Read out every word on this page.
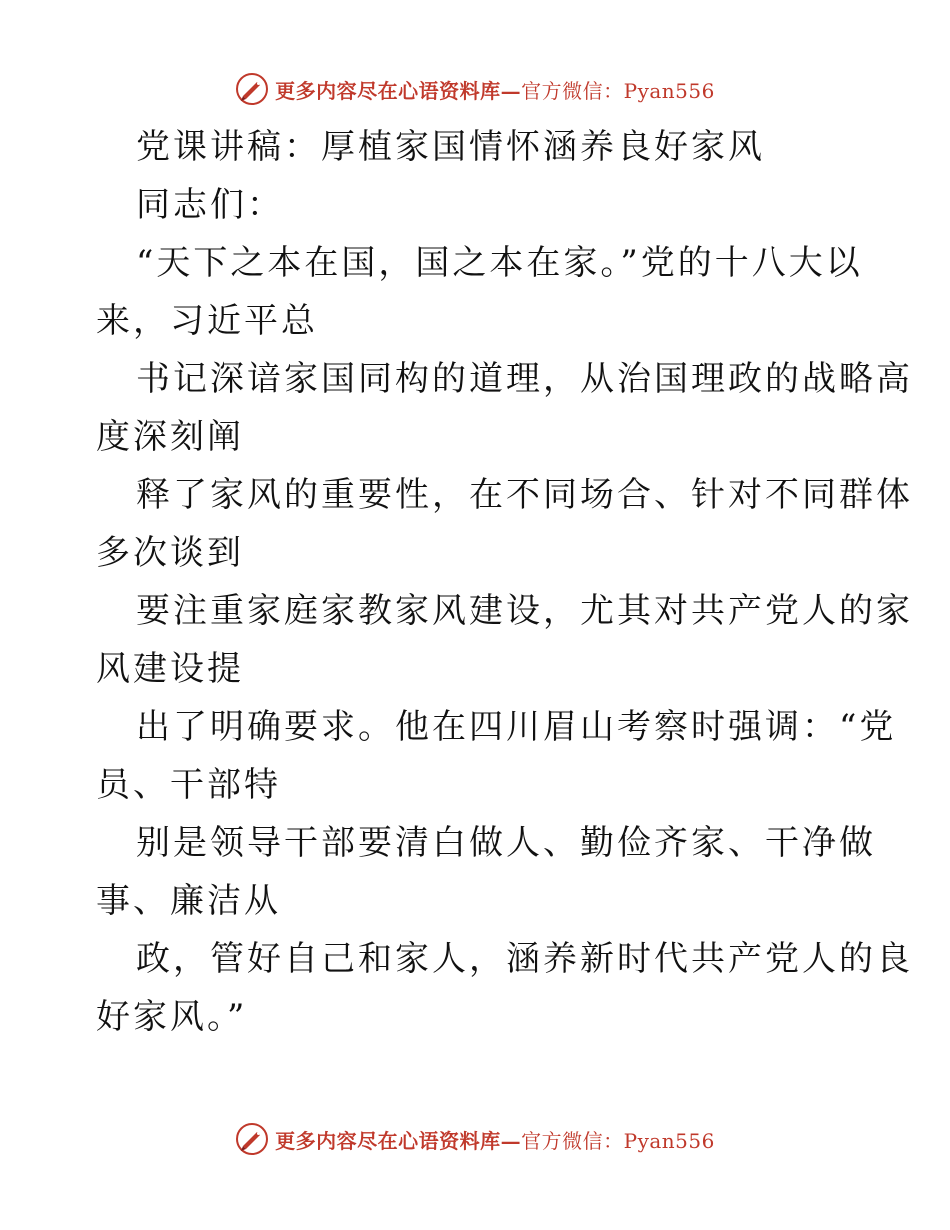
更多内容尽在心语资料库—官方微信：Pyan556
党课讲稿：厚植家国情怀涵养良好家风
同志们：
“天下之本在国，国之本在家。”党的十八大以
来，习近平总
书记深谙家国同构的道理，从治国理政的战略高
度深刻阐
释了家风的重要性，在不同场合、针对不同群体
多次谈到
要注重家庭家教家风建设，尤其对共产党人的家
风建设提
出了明确要求。他在四川眉山考察时强调：“党
员、干部特
别是领导干部要清白做人、勤俭齐家、干净做
事、廉洁从
政，管好自己和家人，涵养新时代共产党人的良
好家风。”
更多内容尽在心语资料库—官方微信：Pyan556
